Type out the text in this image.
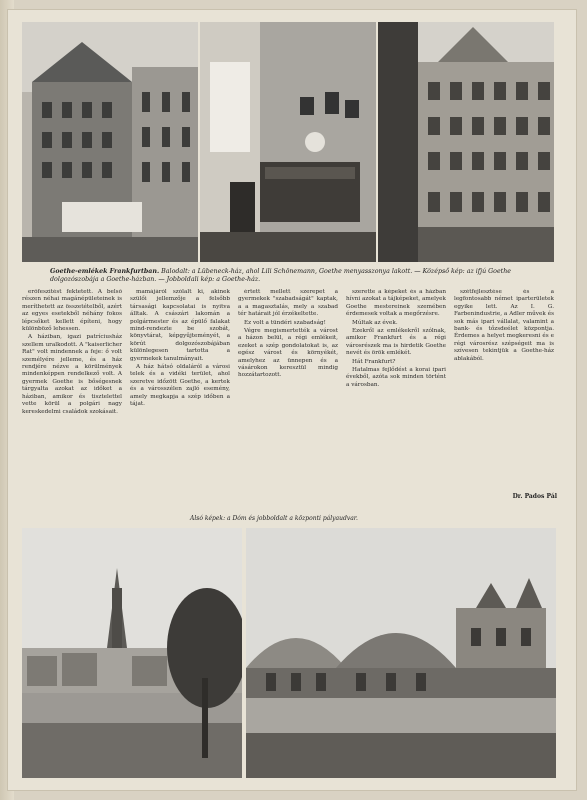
Goethe-emlékek Frankfurtban. Balodalt: a Lübeneck-ház, ahol Lili Schönemann, Goethe menyasszonya lakott. — Középső kép: az ifjú Goethe dolgozószobája a Goethe-házban. — Jobboldali kép: a Goethe-ház.

erőfeszítést fektetett. A belső részen néhai magánépületeinek is meríthetett az összetételből, azért az egyes esetekből néhány fokos lépcsőket kellett építeni, hogy különböző lehessen.

A háziban, igazi patríciusház szellem uralkodott. A "kaiserlicher Rat" volt mindennek a feje: ő volt személyére jelleme, és a ház rendjére nézve a körülmények mindenképpen rendelkező volt. A gyermek Goethe is bőségesnek tárgyalta azokat az időket a háziban, amikor és tisztelettel vette körül a polgári nagy kereskedelmi családok szokásait.

mamájáról szólalt ki, akinek szülői jellemzője a felsőbb társasági kapcsolatai is nyitva álltak. A császári lakomán a polgármester és az épülő falakat mind-rendezte be szobát, könyvtárat, képgyűjteményét, a körút dolgozószobájában különlegesen tartotta a gyermekek tanulmányait.

A ház hátsó oldaláról a városi telek és a vidéki terület, ahol szeretve időzött Goethe, a kertek és a városszélen zajló esemény, amely megkapja a szép időben a tájat.

értett mellett szerepet a gyermekek "szabadságát" kaptak, a a magasztalás, mely a szabad tér határait jól érzékeltette.

Ez volt a tündéri szabadság!

Végre megismertették a várost a házon belül, a régi emlékeit, ezeket a szép gondolatokat is, az egész várost és környékét, amelyhez az ünnepen és a vásárokon keresztül mindig hozzátartozott.

szerette a képeket és a házban hívni azokat a tájképeket, amelyek Goethe mestereinek szemében érdemesek voltak a megőrzésre.

Múltak az évek.

Ezekről az emlékekről szólnak, amikor Frankfurt és a régi városrészek ma is hirdetik Goethe nevét és örök emlékét.

Hát Frankfurt?

Hatalmas fejlődést a korai ipari évekből, azóta sok minden történt a városban.

szétfejlesztése és a legfontosabb német iparterületek egyike lett. Az I. G. Farbenindustrie, a Adler művek és sok más ipari vállalat, valamint a bank- és tőzsdeélet központja. Érdemes a helyet megkeresni és e régi városrész szépségeit ma is szívesen tekintjük a Goethe-ház ablakából.

Dr. Pados Pál
Alsó képek: a Dóm és jobboldalt a központi pályaudvar.
